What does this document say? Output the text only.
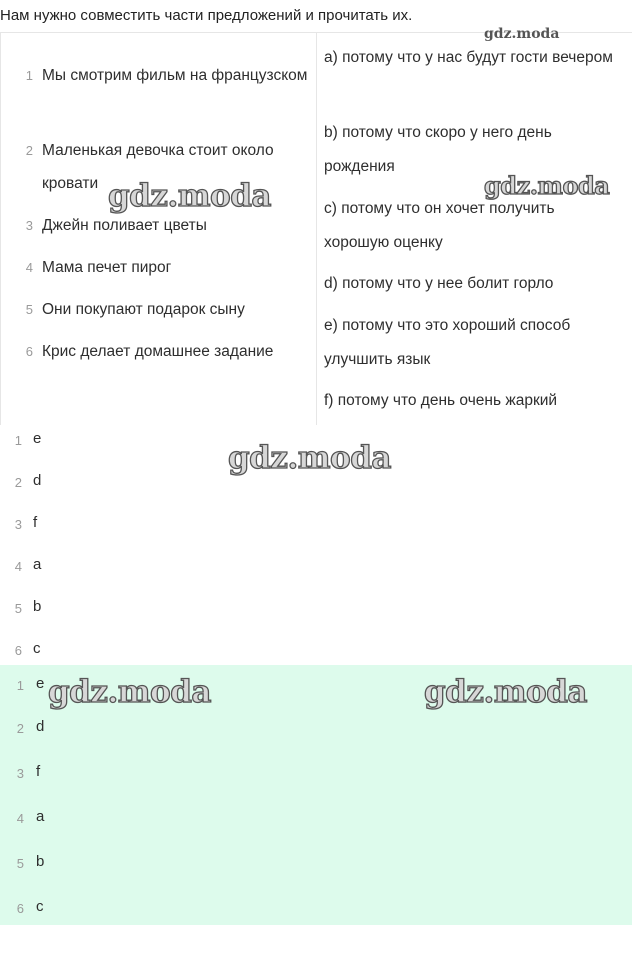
Нам нужно совместить части предложений и прочитать их.
1 Мы смотрим фильм на французском
2 Маленькая девочка стоит около кровати
3 Джейн поливает цветы
4 Мама печет пирог
5 Они покупают подарок сыну
6 Крис делает домашнее задание
a) потому что у нас будут гости вечером
b) потому что скоро у него день рождения
c) потому что он хочет получить хорошую оценку
d) потому что у нее болит горло
e) потому что это хороший способ улучшить язык
f) потому что день очень жаркий
1 e
2 d
3 f
4 a
5 b
6 c
1 e
2 d
3 f
4 a
5 b
6 c
gdz.moda
gdz.moda	gdz.moda
gdz.moda
gdz.moda	gdz.moda
